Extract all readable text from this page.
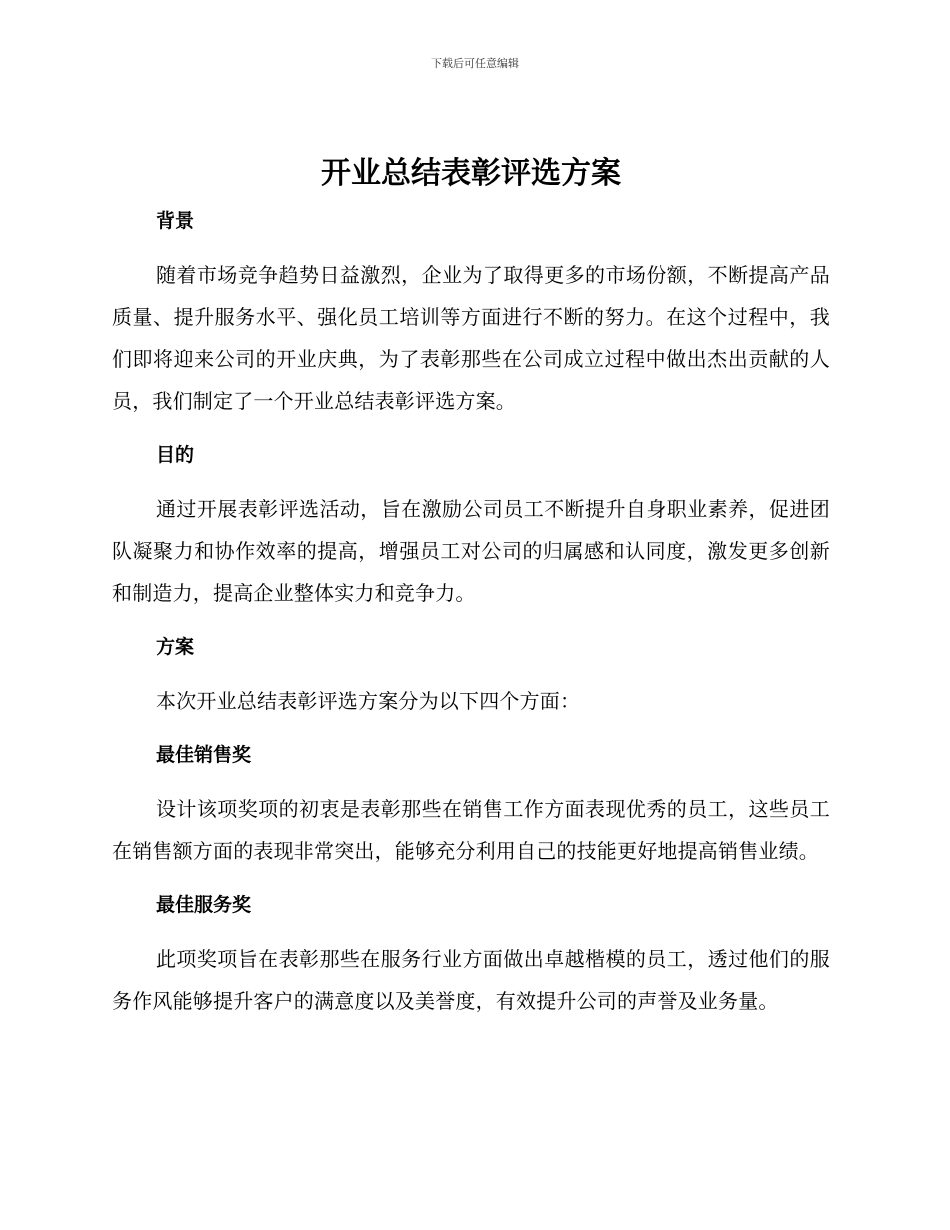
下载后可任意编辑
开业总结表彰评选方案
背景

随着市场竞争趋势日益激烈，企业为了取得更多的市场份额，不断提高产品质量、提升服务水平、强化员工培训等方面进行不断的努力。在这个过程中，我们即将迎来公司的开业庆典，为了表彰那些在公司成立过程中做出杰出贡献的人员，我们制定了一个开业总结表彰评选方案。

目的

通过开展表彰评选活动，旨在激励公司员工不断提升自身职业素养，促进团队凝聚力和协作效率的提高，增强员工对公司的归属感和认同度，激发更多创新和制造力，提高企业整体实力和竞争力。

方案

本次开业总结表彰评选方案分为以下四个方面：

最佳销售奖

设计该项奖项的初衷是表彰那些在销售工作方面表现优秀的员工，这些员工在销售额方面的表现非常突出，能够充分利用自己的技能更好地提高销售业绩。

最佳服务奖

此项奖项旨在表彰那些在服务行业方面做出卓越楷模的员工，透过他们的服务作风能够提升客户的满意度以及美誉度，有效提升公司的声誉及业务量。
